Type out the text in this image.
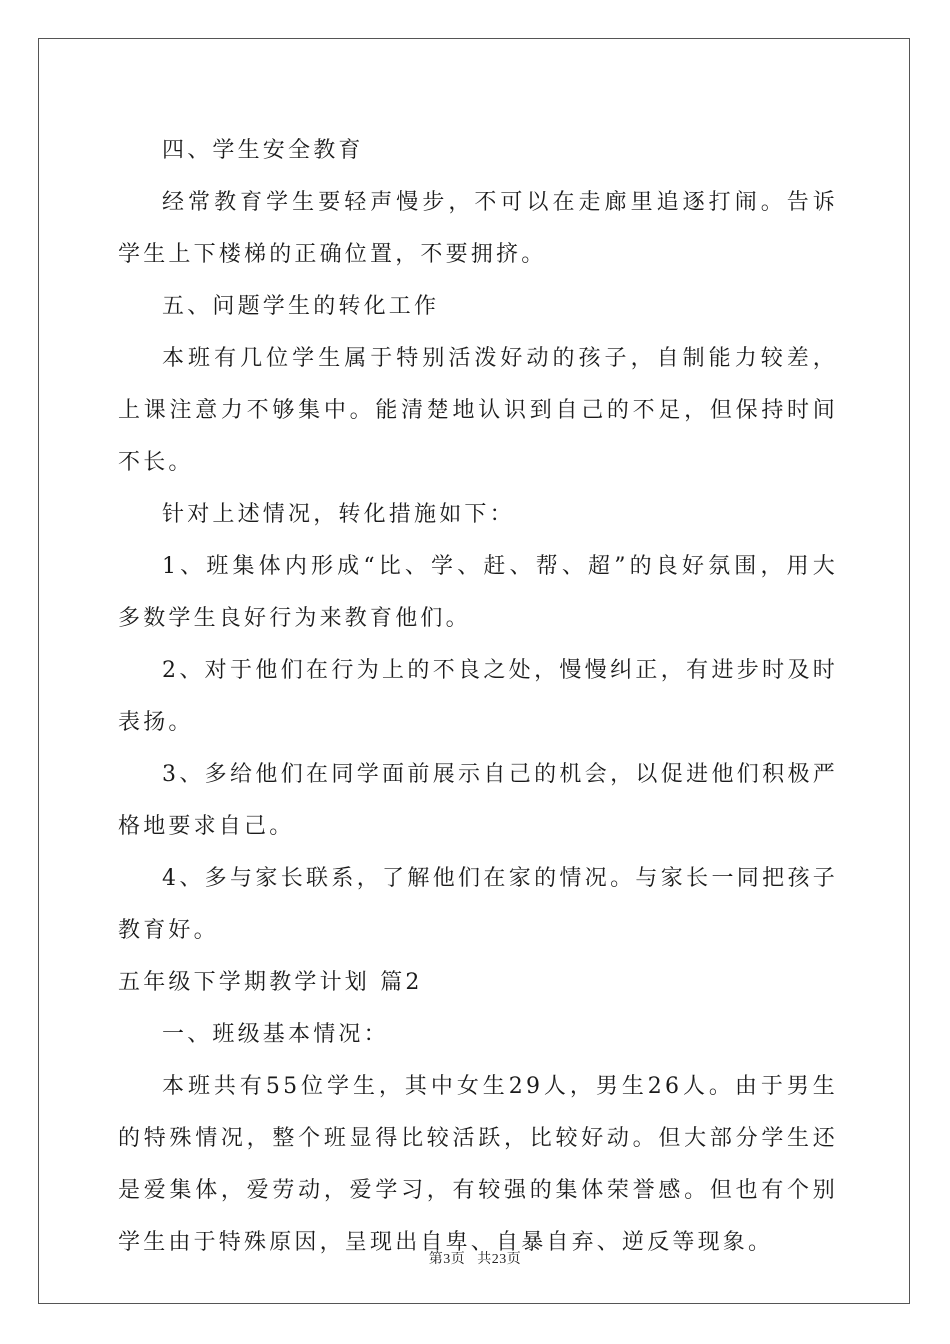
四、学生安全教育

经常教育学生要轻声慢步，不可以在走廊里追逐打闹。告诉学生上下楼梯的正确位置，不要拥挤。

五、问题学生的转化工作

本班有几位学生属于特别活泼好动的孩子，自制能力较差，上课注意力不够集中。能清楚地认识到自己的不足，但保持时间不长。

针对上述情况，转化措施如下：

1、班集体内形成“比、学、赶、帮、超”的良好氛围，用大多数学生良好行为来教育他们。

2、对于他们在行为上的不良之处，慢慢纠正，有进步时及时表扬。

3、多给他们在同学面前展示自己的机会，以促进他们积极严格地要求自己。

4、多与家长联系，了解他们在家的情况。与家长一同把孩子教育好。

五年级下学期教学计划 篇2

一、班级基本情况：

本班共有55位学生，其中女生29人，男生26人。由于男生的特殊情况，整个班显得比较活跃，比较好动。但大部分学生还是爱集体，爱劳动，爱学习，有较强的集体荣誉感。但也有个别学生由于特殊原因，呈现出自卑、自暴自弃、逆反等现象。

第3页 共23页
